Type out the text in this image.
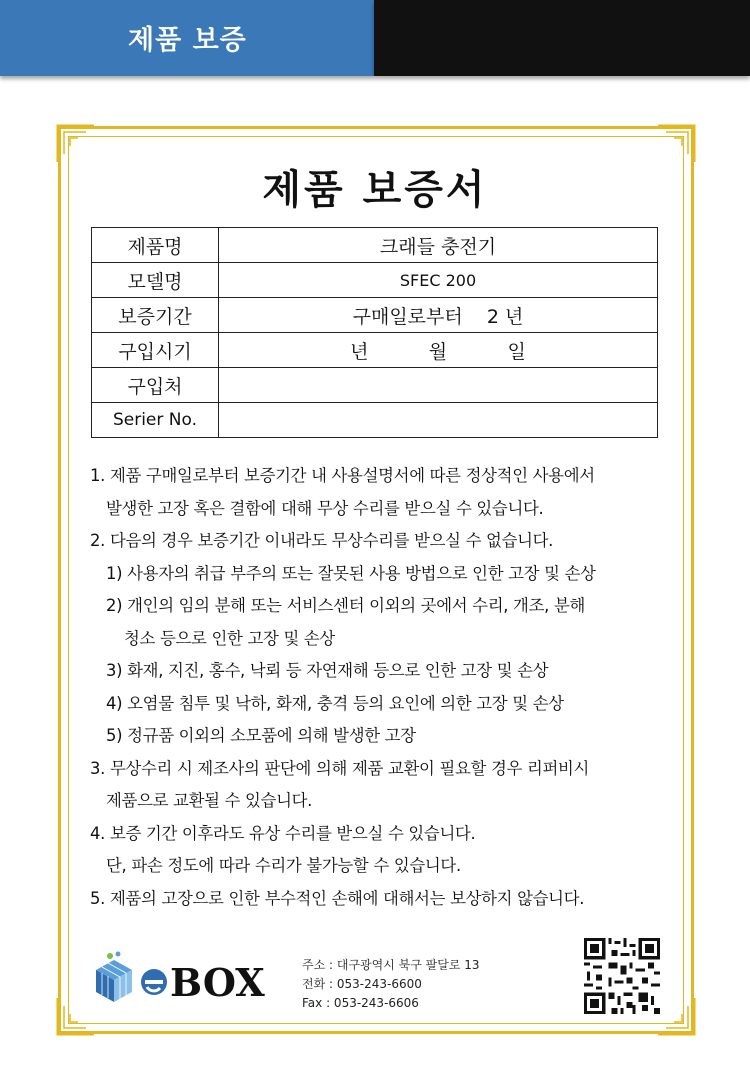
제품 보증
제품 보증서
제품명	크래들 충전기
모델명	SFEC 200
보증기간	구매일로부터    2 년
구입시기	년          월          일
구입처	
Serier No.	
1. 제품 구매일로부터 보증기간 내 사용설명서에 따른 정상적인 사용에서
발생한 고장 혹은 결함에 대해 무상 수리를 받으실 수 있습니다.
2. 다음의 경우 보증기간 이내라도 무상수리를 받으실 수 없습니다.
1) 사용자의 취급 부주의 또는 잘못된 사용 방법으로 인한 고장 및 손상
2) 개인의 임의 분해 또는 서비스센터 이외의 곳에서 수리, 개조, 분해
청소 등으로 인한 고장 및 손상
3) 화재, 지진, 홍수, 낙뢰 등 자연재해 등으로 인한 고장 및 손상
4) 오염물 침투 및 낙하, 화재, 충격 등의 요인에 의한 고장 및 손상
5) 정규품 이외의 소모품에 의해 발생한 고장
3. 무상수리 시 제조사의 판단에 의해 제품 교환이 필요할 경우 리퍼비시
제품으로 교환될 수 있습니다.
4. 보증 기간 이후라도 유상 수리를 받으실 수 있습니다.
단, 파손 정도에 따라 수리가 불가능할 수 있습니다.
5. 제품의 고장으로 인한 부수적인 손해에 대해서는 보상하지 않습니다.
BOX	주소 : 대구광역시 북구 팔달로 13
전화 : 053-243-6600
Fax : 053-243-6606
